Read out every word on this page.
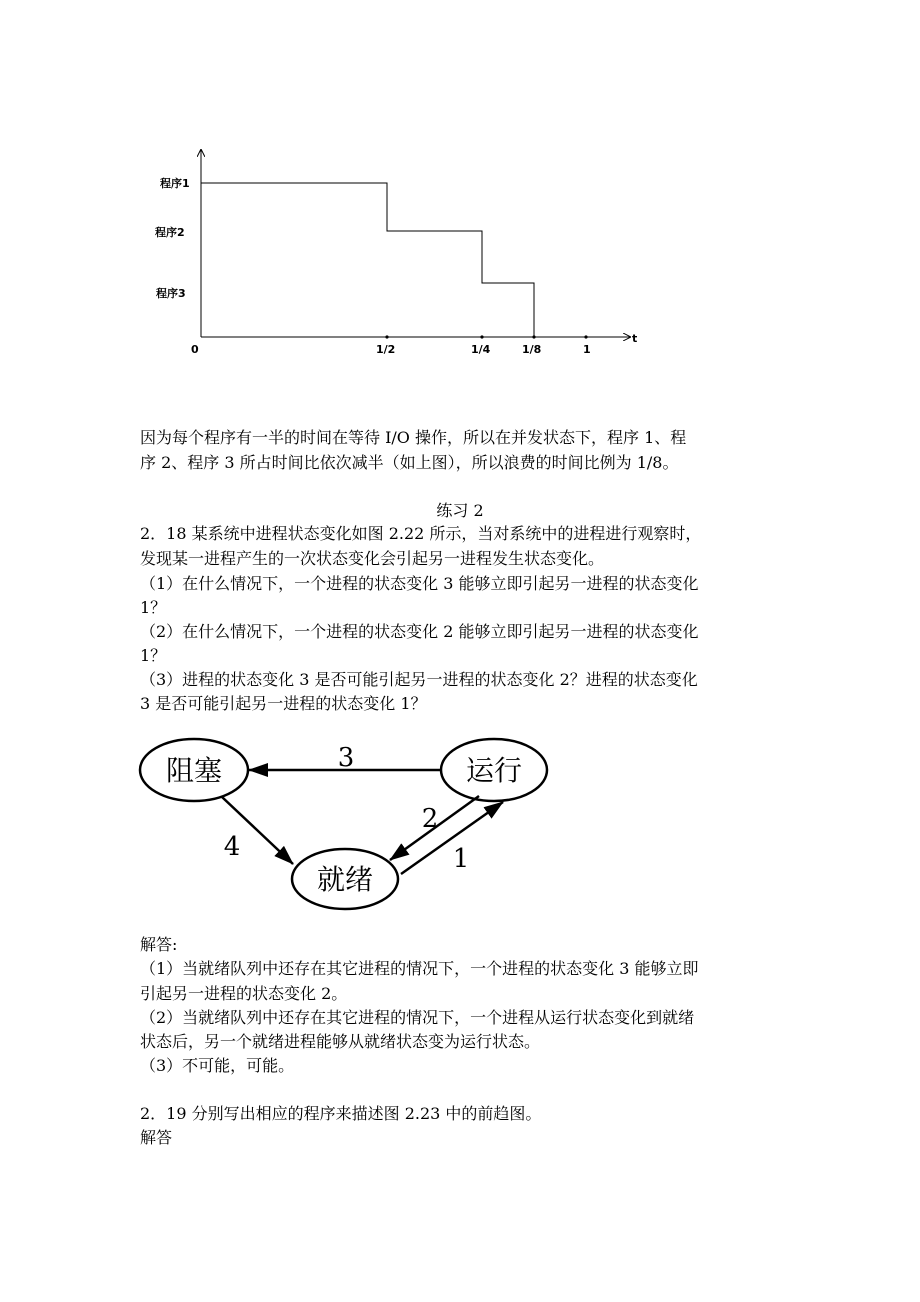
程序1
程序2
程序3
0	1/2	1/4	1/8	1
t
因为每个程序有一半的时间在等待 I/O 操作，所以在并发状态下，程序 1、程
序 2、程序 3 所占时间比依次减半（如上图），所以浪费的时间比例为 1/8。
练习 2
2．18 某系统中进程状态变化如图 2.22 所示，当对系统中的进程进行观察时，
发现某一进程产生的一次状态变化会引起另一进程发生状态变化。
（1）在什么情况下，一个进程的状态变化 3 能够立即引起另一进程的状态变化
1？
（2）在什么情况下，一个进程的状态变化 2 能够立即引起另一进程的状态变化
1？
（3）进程的状态变化 3 是否可能引起另一进程的状态变化 2？进程的状态变化
3 是否可能引起另一进程的状态变化 1？
阻塞	运行
就绪
3
4
2
1
解答:
（1）当就绪队列中还存在其它进程的情况下，一个进程的状态变化 3 能够立即
引起另一进程的状态变化 2。
（2）当就绪队列中还存在其它进程的情况下，一个进程从运行状态变化到就绪
状态后，另一个就绪进程能够从就绪状态变为运行状态。
（3）不可能，可能。
2．19 分别写出相应的程序来描述图 2.23 中的前趋图。
解答
